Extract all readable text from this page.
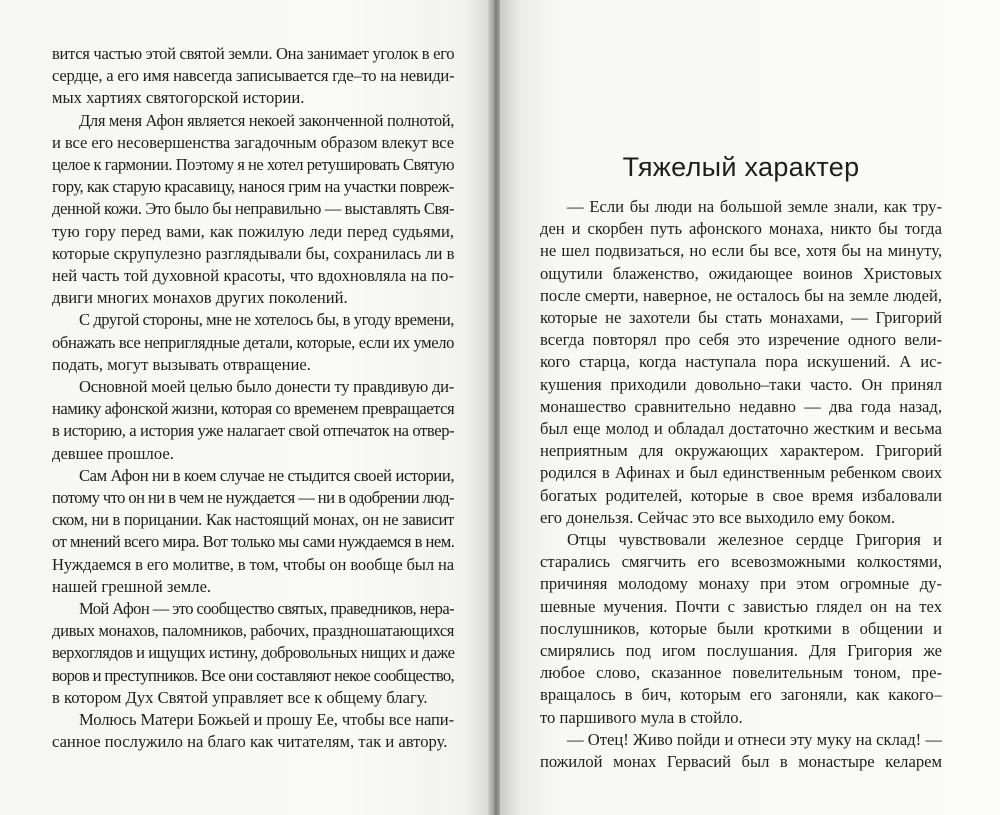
вится частью этой святой земли. Она занимает уголок в его
сердце, а его имя навсегда записывается где–то на невиди-
мых хартиях святогорской истории.
Для меня Афон является некоей законченной полнотой,
и все его несовершенства загадочным образом влекут все
целое к гармонии. Поэтому я не хотел ретушировать Святую
гору, как старую красавицу, нанося грим на участки повреж-
денной кожи. Это было бы неправильно — выставлять Свя-
тую гору перед вами, как пожилую леди перед судьями,
которые скрупулезно разглядывали бы, сохранилась ли в
ней часть той духовной красоты, что вдохновляла на по-
двиги многих монахов других поколений.
С другой стороны, мне не хотелось бы, в угоду времени,
обнажать все неприглядные детали, которые, если их умело
подать, могут вызывать отвращение.
Основной моей целью было донести ту правдивую ди-
намику афонской жизни, которая со временем превращается
в историю, а история уже налагает свой отпечаток на отвер-
девшее прошлое.
Сам Афон ни в коем случае не стыдится своей истории,
потому что он ни в чем не нуждается — ни в одобрении люд-
ском, ни в порицании. Как настоящий монах, он не зависит
от мнений всего мира. Вот только мы сами нуждаемся в нем.
Нуждаемся в его молитве, в том, чтобы он вообще был на
нашей грешной земле.
Мой Афон — это сообщество святых, праведников, нера-
дивых монахов, паломников, рабочих, праздношатающихся
верхоглядов и ищущих истину, добровольных нищих и даже
воров и преступников. Все они составляют некое сообщество,
в котором Дух Святой управляет все к общему благу.
Молюсь Матери Божьей и прошу Ее, чтобы все напи-
санное послужило на благо как читателям, так и автору.
Тяжелый характер
— Если бы люди на большой земле знали, как тру-
ден и скорбен путь афонского монаха, никто бы тогда
не шел подвизаться, но если бы все, хотя бы на минуту,
ощутили блаженство, ожидающее воинов Христовых
после смерти, наверное, не осталось бы на земле людей,
которые не захотели бы стать монахами, — Григорий
всегда повторял про себя это изречение одного вели-
кого старца, когда наступала пора искушений. А ис-
кушения приходили довольно–таки часто. Он принял
монашество сравнительно недавно — два года назад,
был еще молод и обладал достаточно жестким и весьма
неприятным для окружающих характером. Григорий
родился в Афинах и был единственным ребенком своих
богатых родителей, которые в свое время избаловали
его донельзя. Сейчас это все выходило ему боком.
Отцы чувствовали железное сердце Григория и
старались смягчить его всевозможными колкостями,
причиняя молодому монаху при этом огромные ду-
шевные мучения. Почти с завистью глядел он на тех
послушников, которые были кроткими в общении и
смирялись под игом послушания. Для Григория же
любое слово, сказанное повелительным тоном, пре-
вращалось в бич, которым его загоняли, как какого–
то паршивого мула в стойло.
— Отец! Живо пойди и отнеси эту муку на склад! —
пожилой монах Гервасий был в монастыре келарем
